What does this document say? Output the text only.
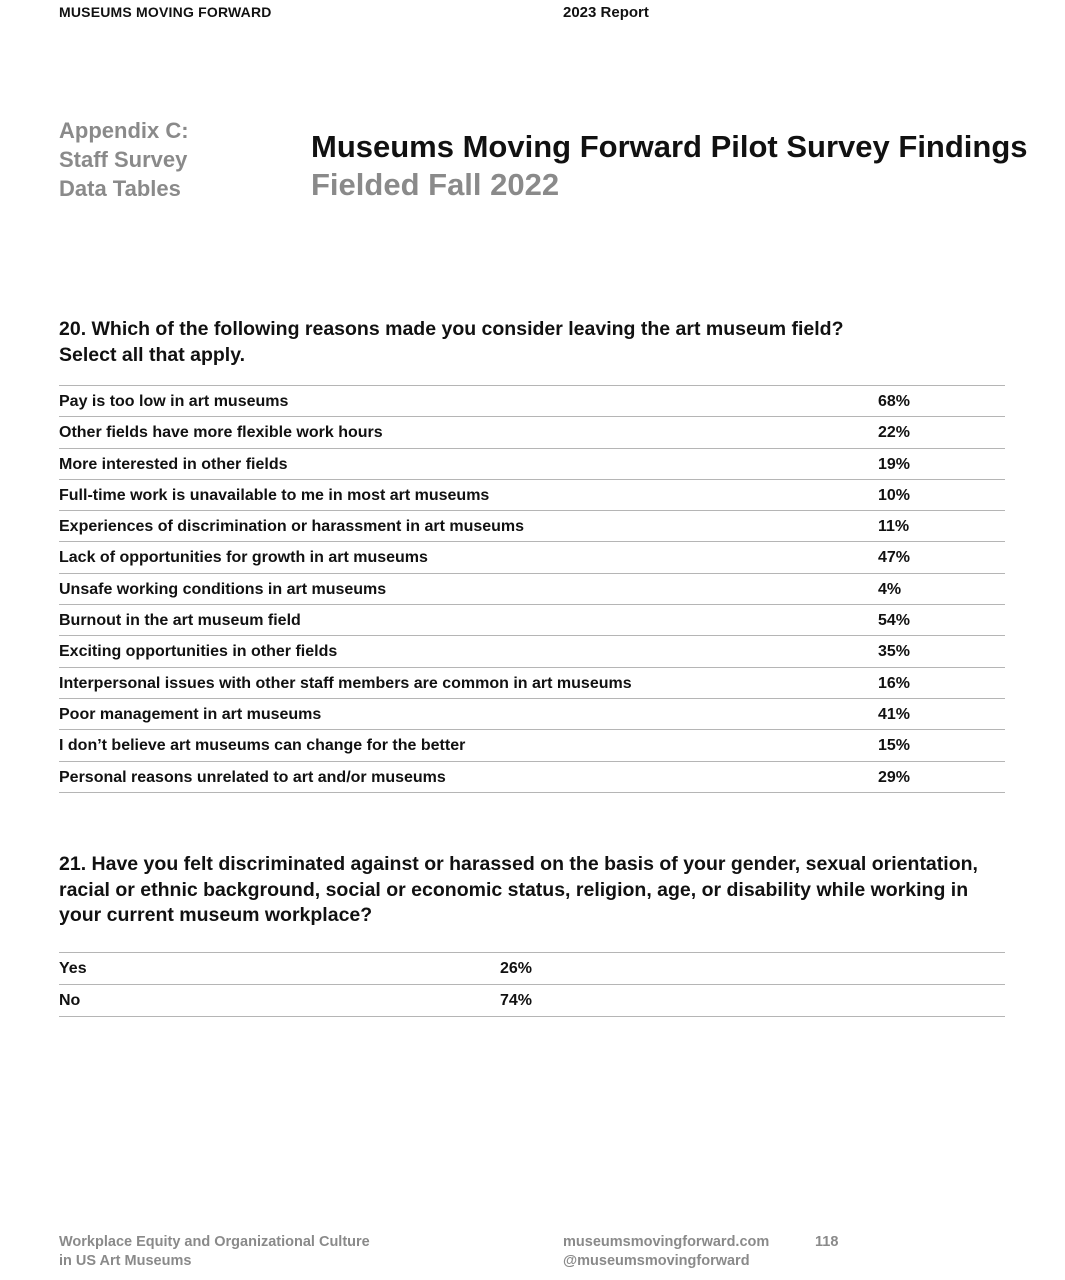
MUSEUMS MOVING FORWARD	2023 Report
Appendix C:
Staff Survey
Data Tables
Museums Moving Forward Pilot Survey Findings
Fielded Fall 2022
20. Which of the following reasons made you consider leaving the art museum field?
Select all that apply.
Pay is too low in art museums	68%
Other fields have more flexible work hours	22%
More interested in other fields	19%
Full-time work is unavailable to me in most art museums	10%
Experiences of discrimination or harassment in art museums	11%
Lack of opportunities for growth in art museums	47%
Unsafe working conditions in art museums	4%
Burnout in the art museum field	54%
Exciting opportunities in other fields	35%
Interpersonal issues with other staff members are common in art museums	16%
Poor management in art museums	41%
I don’t believe art museums can change for the better	15%
Personal reasons unrelated to art and/or museums	29%
21. Have you felt discriminated against or harassed on the basis of your gender, sexual orientation,
racial or ethnic background, social or economic status, religion, age, or disability while working in
your current museum workplace?
Yes	26%
No	74%
Workplace Equity and Organizational Culture
in US Art Museums
museumsmovingforward.com
@museumsmovingforward
118
